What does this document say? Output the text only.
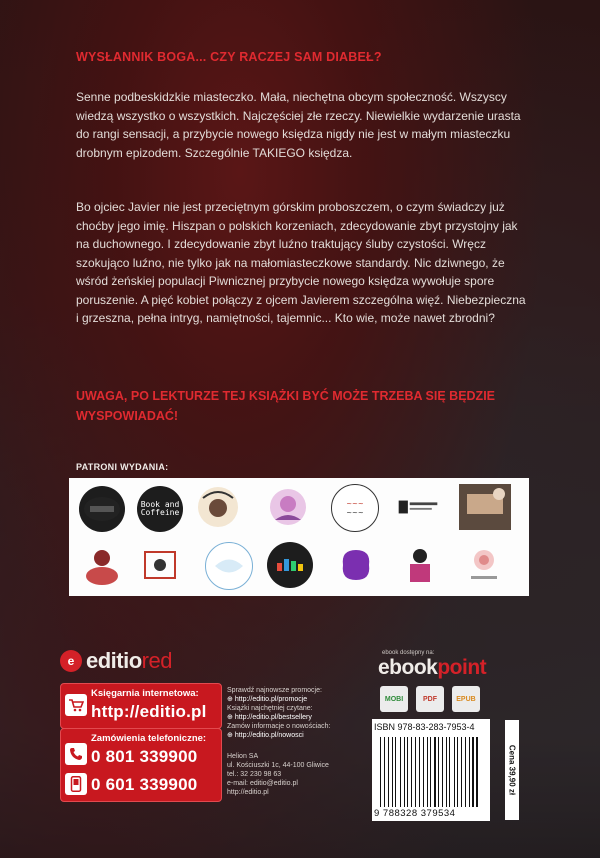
WYSŁANNIK BOGA... CZY RACZEJ SAM DIABEŁ?
Senne podbeskidzkie miasteczko. Mała, niechętna obcym społeczność. Wszyscy wiedzą wszystko o wszystkich. Najczęściej złe rzeczy. Niewielkie wydarzenie urasta do rangi sensacji, a przybycie nowego księdza nigdy nie jest w małym miasteczku drobnym epizodem. Szczególnie TAKIEGO księdza.
Bo ojciec Javier nie jest przeciętnym górskim proboszczem, o czym świadczy już choćby jego imię. Hiszpan o polskich korzeniach, zdecydowanie zbyt przystojny jak na duchownego. I zdecydowanie zbyt luźno traktujący śluby czystości. Wręcz szokująco luźno, nie tylko jak na małomiasteczkowe standardy. Nic dziwnego, że wśród żeńskiej populacji Piwnicznej przybycie nowego księdza wywołuje spore poruszenie. A pięć kobiet połączy z ojcem Javierem szczególna więź. Niebezpieczna i grzeszna, pełna intryg, namiętności, tajemnic... Kto wie, może nawet zbrodni?
UWAGA, PO LEKTURZE TEJ KSIĄŻKI BYĆ MOŻE TRZEBA SIĘ BĘDZIE WYSPOWIADAĆ!
PATRONI WYDANIA:
Book and Coffeine
~~~
~~~
e editiored
Księgarnia internetowa:
http://editio.pl
Zamówienia telefoniczne:
0 801 339900
0 601 339900
Sprawdź najnowsze promocje:
⊕ http://editio.pl/promocje
Książki najchętniej czytane:
⊕ http://editio.pl/bestsellery
Zamów informacje o nowościach:
⊕ http://editio.pl/nowosci
Helion SA
ul. Kościuszki 1c, 44-100 Gliwice
tel.: 32 230 98 63
e-mail: editio@editio.pl
http://editio.pl
ebook dostępny na:
ebookpoint
MOBI	PDF	EPUB
ISBN 978-83-283-7953-4
9 788328 379534
Cena 39,90 zł
